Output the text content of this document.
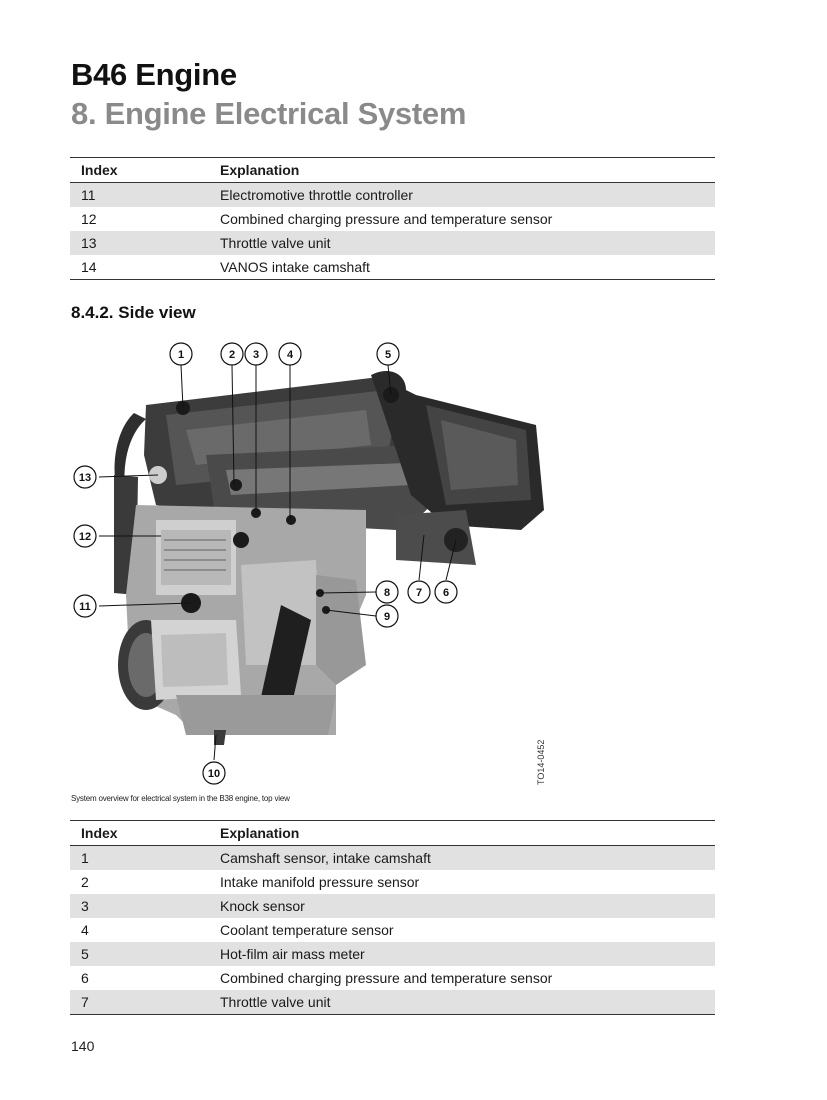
B46 Engine
8. Engine Electrical System
Index	Explanation
11	Electromotive throttle controller
12	Combined charging pressure and temperature sensor
13	Throttle valve unit
14	VANOS intake camshaft
8.4.2. Side view
1	2 3	4	5
6
7
8
9
10
11
12
13
TO14-0452
System overview for electrical system in the B38 engine, top view
Index	Explanation
1	Camshaft sensor, intake camshaft
2	Intake manifold pressure sensor
3	Knock sensor
4	Coolant temperature sensor
5	Hot-film air mass meter
6	Combined charging pressure and temperature sensor
7	Throttle valve unit
140
